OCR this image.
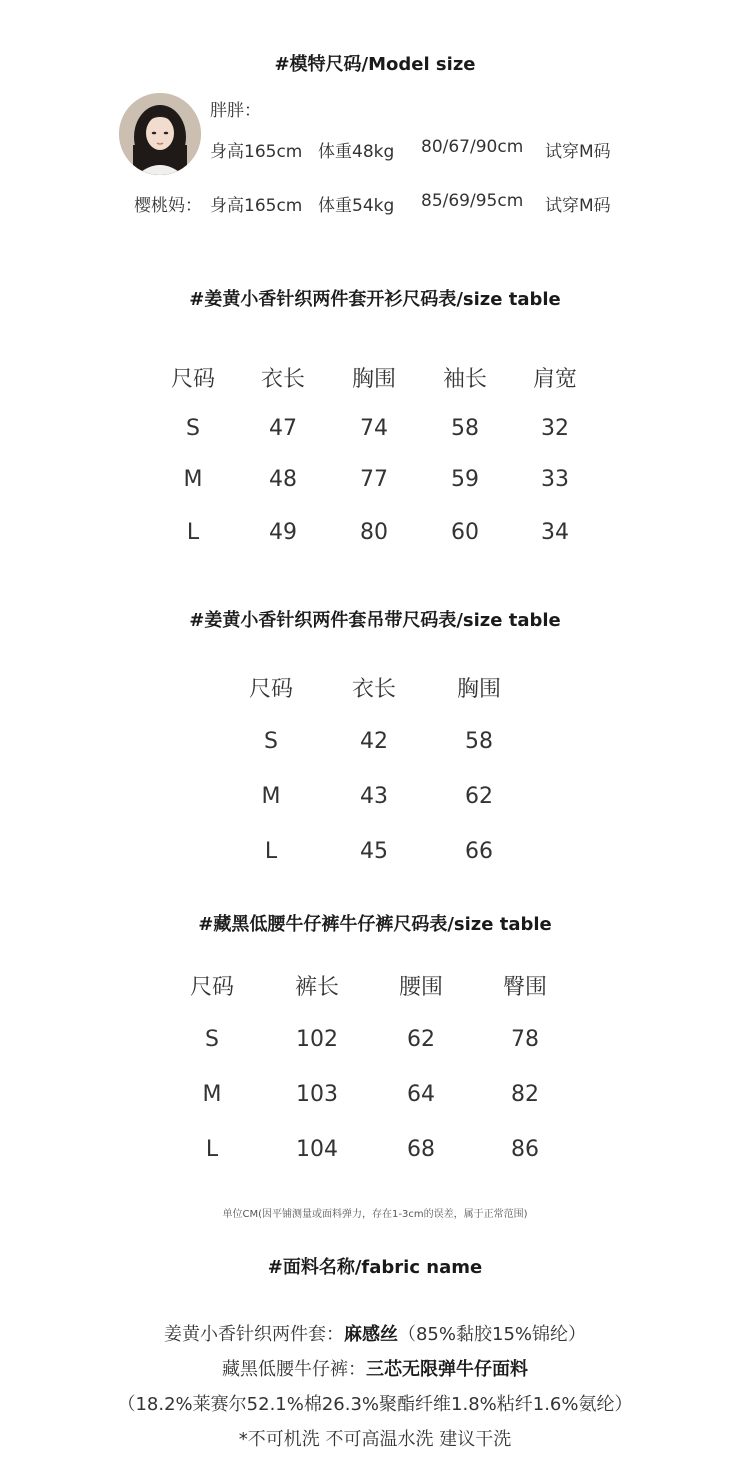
#模特尺码/Model size
胖胖：
身高165cm 体重48kg 80/67/90cm 试穿M码
樱桃妈： 身高165cm 体重54kg 85/69/95cm 试穿M码
#姜黄小香针织两件套开衫尺码表/size table
尺码	衣长	胸围	袖长	肩宽
S	47	74	58	32
M	48	77	59	33
L	49	80	60	34
#姜黄小香针织两件套吊带尺码表/size table
尺码	衣长	胸围
S	42	58
M	43	62
L	45	66
#藏黑低腰牛仔裤牛仔裤尺码表/size table
尺码	裤长	腰围	臀围
S	102	62	78
M	103	64	82
L	104	68	86
单位CM(因平铺测量或面料弹力，存在1-3cm的误差，属于正常范围)
#面料名称/fabric name
姜黄小香针织两件套：麻感丝（85%黏胶15%锦纶）
藏黑低腰牛仔裤：三芯无限弹牛仔面料
（18.2%莱赛尔52.1%棉26.3%聚酯纤维1.8%粘纤1.6%氨纶）
*不可机洗 不可高温水洗 建议干洗
